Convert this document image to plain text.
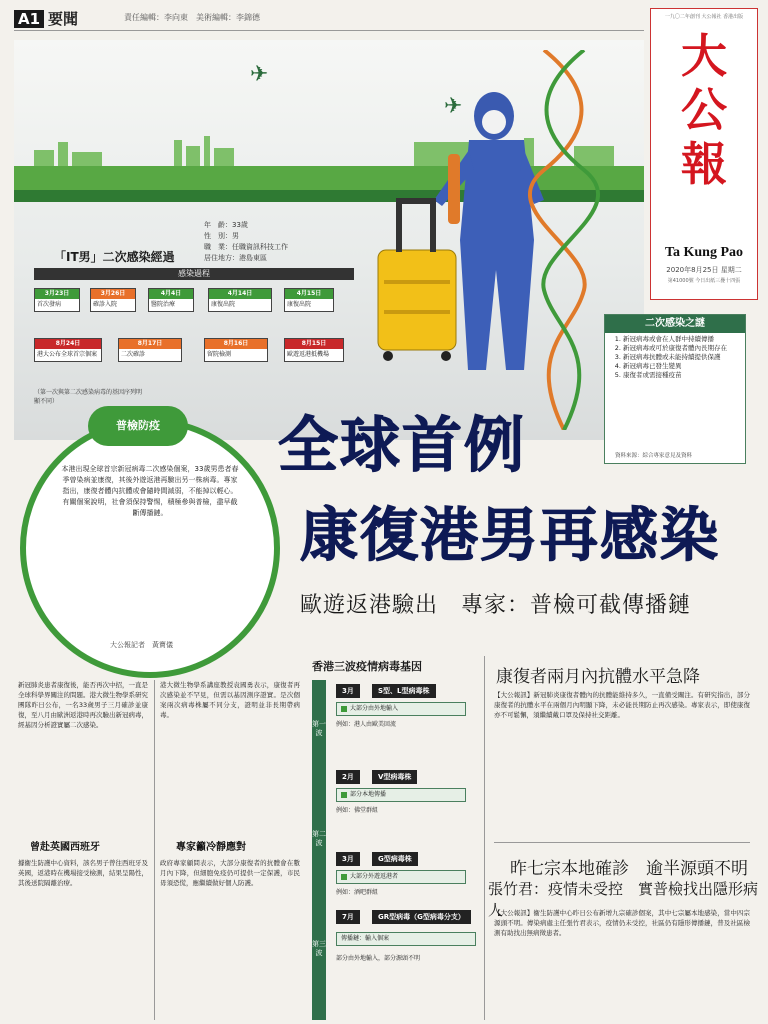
A1 要聞	責任編輯：李向東　美術編輯：李錦德	一九〇二年創刊 大公報社 香港出版
大
公
報
Ta Kung Pao
2020年8月25日 星期二
第41000號 今日出紙三疊十四張
✈
✈
「IT男」二次感染經過
年　齡：33歲
性　別：男
職　業：任職資訊科技工作
居住地方：港島東區
感染過程
3月23日
首次發病
3月26日
確診入院
4月4日
醫院治療
4月14日
康復出院
4月15日
康復出院
8月15日
歐遊返港抵機場
8月16日
留院檢測
8月17日
二次確診
8月24日
港大公布全球首宗個案
（第一次與第二次感染病毒的基因序列明顯不同）
二次感染之謎
1. 新冠病毒或會在人群中持續傳播
2. 新冠病毒或可於康復者體內長期存在
3. 新冠病毒抗體或未能持續提供保護
4. 新冠病毒已發生變異
5. 康復者或需接種疫苗
資料來源：綜合專家意見及資料
普檢防疫
本港出現全球首宗新冠病毒二次感染個案，33歲男患者春季曾染病並康復，其後外遊返港再驗出另一株病毒。專家指出，康復者體內抗體或會隨時間減弱，不能掉以輕心。有關個案說明，社會須保持警惕，積極參與普檢，盡早截斷傳播鏈。
大公報記者　黃寶儀
全球首例
康復港男再感染
歐遊返港驗出　專家：普檢可截傳播鏈
新冠肺炎患者康復後，能否再次中招，一直是全球科學界關注的問題。港大微生物學系研究團隊昨日公布，一名33歲男子三月確診並康復，至八月由歐洲返港時再次驗出新冠病毒，經基因分析證實屬二次感染。
曾赴英國西班牙
據衞生防護中心資料，該名男子曾往西班牙及英國，返港時在機場接受檢測，結果呈陽性，其後送院隔離治療。
港大微生物學系講座教授袁國勇表示，康復者再次感染並不罕見，但需以基因測序證實。是次個案兩次病毒株屬不同分支，證明並非長期帶病毒。
專家籲冷靜應對
政府專家顧問表示，大部分康復者的抗體會在數月內下降，但細胞免疫仍可提供一定保護，市民毋須恐慌，應繼續做好個人防護。
香港三波疫情病毒基因
第一波
第二波
第三波
3月	S型、L型病毒株
大部分由外地輸入
例如：港人由歐美回流
2月	V型病毒株
部分本地傳播
例如：佛堂群組
3月	G型病毒株
大部分外遊返港者
例如：酒吧群組
7月	GR型病毒（G型病毒分支）
傳播鏈：輸入個案
部分由外地輸入，部分源頭不明
康復者兩月內抗體水平急降
【大公報訊】新冠肺炎康復者體內的抗體能維持多久，一直備受關注。有研究指出，部分康復者的抗體水平在兩個月內明顯下降，未必能長期防止再次感染。專家表示，即使康復亦不可鬆懈，須繼續戴口罩及保持社交距離。
昨七宗本地確診　逾半源頭不明
張竹君：疫情未受控　實普檢找出隱形病人
【大公報訊】衞生防護中心昨日公布新增九宗確診個案，其中七宗屬本地感染，當中四宗源頭不明。傳染病處主任張竹君表示，疫情仍未受控，社區仍有隱形傳播鏈，普及社區檢測有助找出無病徵患者。
